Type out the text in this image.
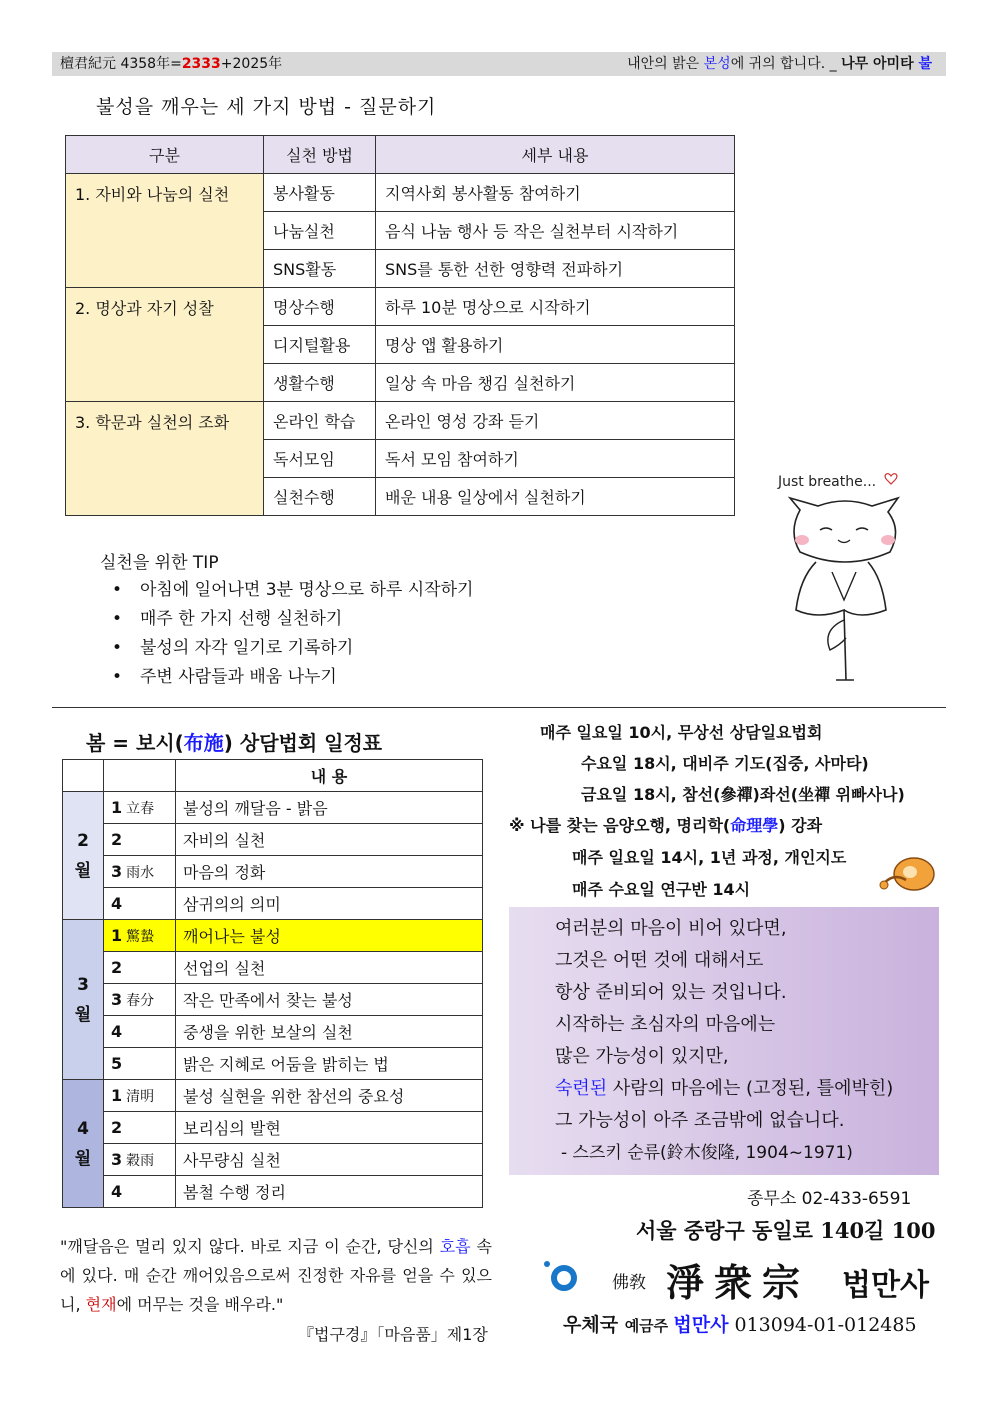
檀君紀元 4358年=2333+2025年	내안의 밝은 본성에 귀의 합니다. _ 나무 아미타 불
불성을 깨우는 세 가지 방법 - 질문하기
구분	실천 방법	세부 내용
1. 자비와 나눔의 실천	봉사활동	지역사회 봉사활동 참여하기
	나눔실천	음식 나눔 행사 등 작은 실천부터 시작하기
	SNS활동	SNS를 통한 선한 영향력 전파하기
2. 명상과 자기 성찰	명상수행	하루 10분 명상으로 시작하기
	디지털활용	명상 앱 활용하기
	생활수행	일상 속 마음 챙김 실천하기
3. 학문과 실천의 조화	온라인 학습	온라인 영성 강좌 듣기
	독서모임	독서 모임 참여하기
	실천수행	배운 내용 일상에서 실천하기
실천을 위한 TIP
• 아침에 일어나면 3분 명상으로 하루 시작하기
• 매주 한 가지 선행 실천하기
• 불성의 자각 일기로 기록하기
• 주변 사람들과 배움 나누기
Just breathe...
봄 = 보시(布施) 상담법회 일정표
		내 용

2
월	1 立春	불성의 깨달음 - 밝음
	2	자비의 실천
	3 雨水	마음의 정화
	4	삼귀의의 의미

3
월	1 驚蟄	깨어나는 불성
	2	선업의 실천
	3 春分	작은 만족에서 찾는 불성
	4	중생을 위한 보살의 실천
	5	밝은 지혜로 어둠을 밝히는 법

4
월	1 清明	불성 실현을 위한 참선의 중요성
	2	보리심의 발현
	3 穀雨	사무량심 실천
	4	봄철 수행 정리
매주 일요일 10시, 무상선 상담일요법회
수요일 18시, 대비주 기도(집중, 사마타)
금요일 18시, 참선(參禪)좌선(坐禪 위빠사나)
※ 나를 찾는 음양오행, 명리학(命理學) 강좌
매주 일요일 14시, 1년 과정, 개인지도
매주 수요일 연구반 14시
여러분의 마음이 비어 있다면,
그것은 어떤 것에 대해서도
항상 준비되어 있는 것입니다.
시작하는 초심자의 마음에는
많은 가능성이 있지만,
숙련된 사람의 마음에는 (고정된, 틀에박힌)
그 가능성이 아주 조금밖에 없습니다.
- 스즈키 순류(鈴木俊隆, 1904~1971)
종무소 02-433-6591
서울 중랑구 동일로 140길 100
佛敎 淨衆宗 법만사
우체국 예금주 법만사 013094-01-012485
"깨달음은 멀리 있지 않다. 바로 지금 이 순간, 당신의 호흡 속에 있다. 매 순간 깨어있음으로써 진정한 자유를 얻을 수 있으니, 현재에 머무는 것을 배우라."
『법구경』「마음품」제1장
